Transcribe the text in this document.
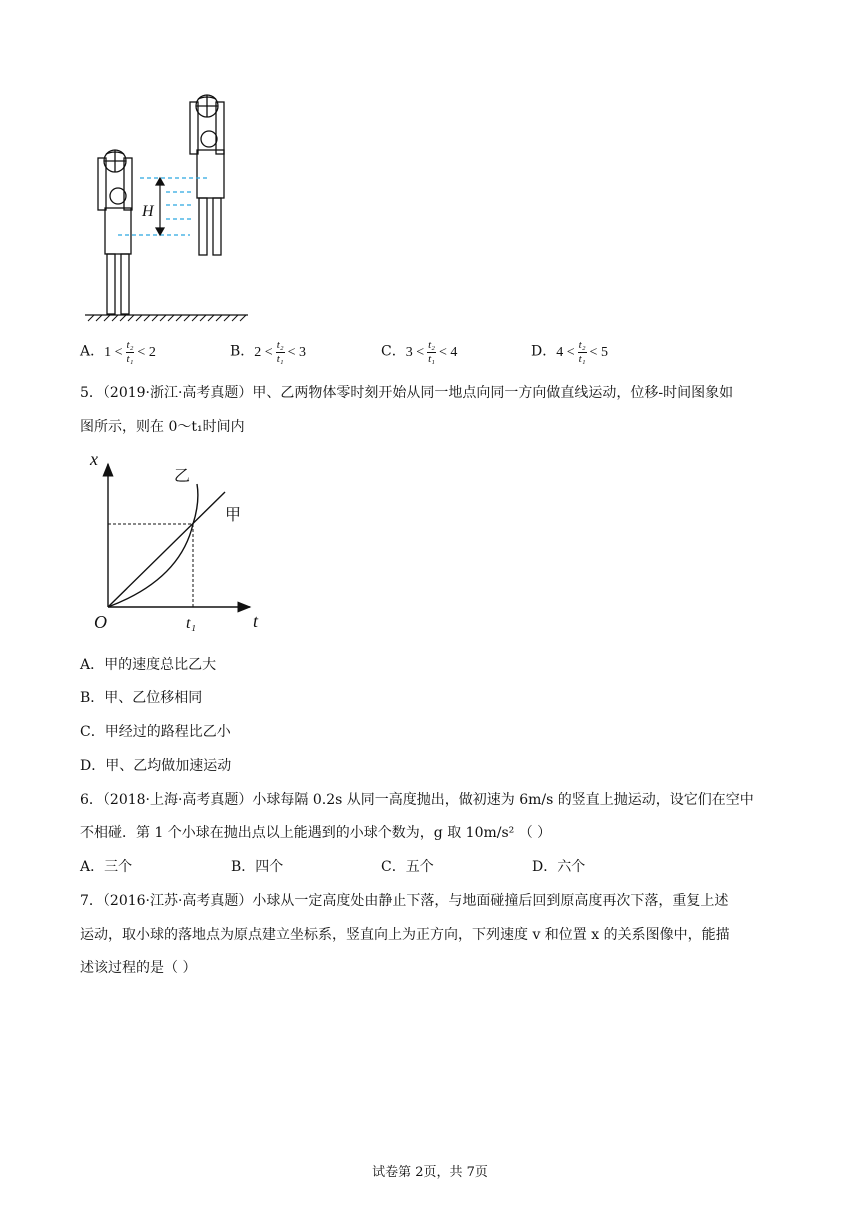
H
A．$1 < \frac{\text{t₂}}{\text{t₁}} < 2$	B．$2 < \frac{\text{t₂}}{\text{t₁}} < 3$	C．$3 < \frac{\text{t₂}}{\text{t₁}} < 4$	D．$4 < \frac{\text{t₂}}{\text{t₁}} < 5$
5．（2019·浙江·高考真题）甲、乙两物体零时刻开始从同一地点向同一方向做直线运动，位移-时间图象如
图所示，则在 0～t₁时间内
x
t
O	t₁
乙
甲
A．甲的速度总比乙大
B．甲、乙位移相同
C．甲经过的路程比乙小
D．甲、乙均做加速运动
6．（2018·上海·高考真题）小球每隔 0.2s 从同一高度抛出，做初速为 6m/s 的竖直上抛运动，设它们在空中
不相碰．第 1 个小球在抛出点以上能遇到的小球个数为，g 取 10m/s² （ ）
A．三个	B．四个	C．五个	D．六个
7．（2016·江苏·高考真题）小球从一定高度处由静止下落，与地面碰撞后回到原高度再次下落，重复上述
运动，取小球的落地点为原点建立坐标系，竖直向上为正方向，下列速度 v 和位置 x 的关系图像中，能描
述该过程的是（ ）
试卷第 2页，共 7页
